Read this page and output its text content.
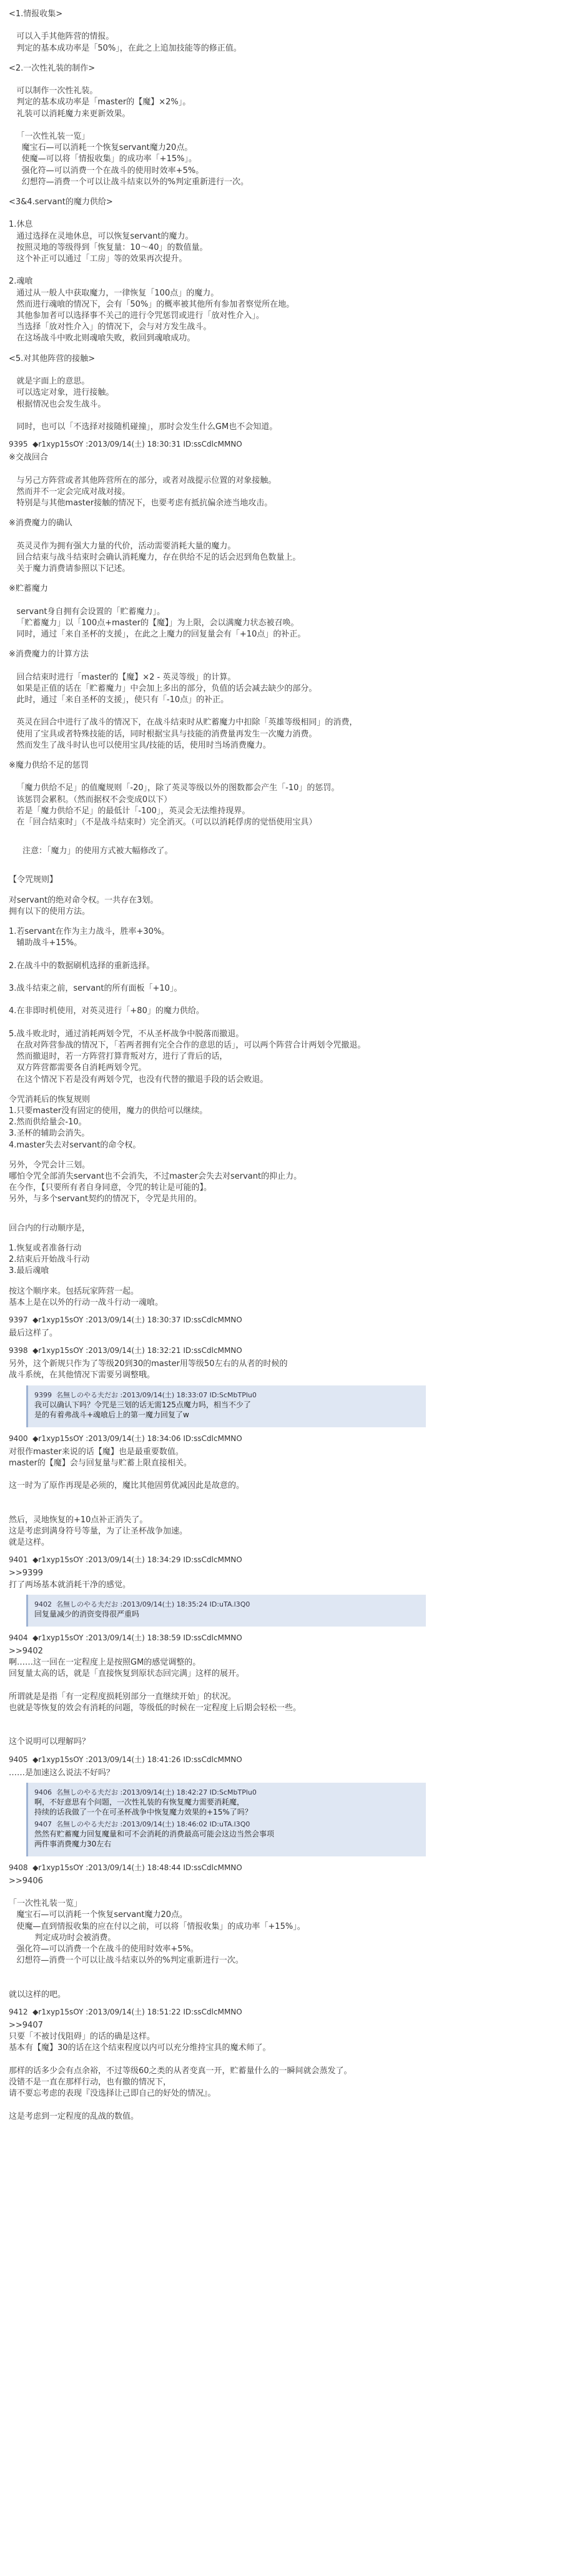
<1.情报收集>

可以入手其他阵营的情报。
判定的基本成功率是「50%」，在此之上追加技能等的修正值。
<2.一次性礼装的制作>

可以制作一次性礼装。
判定的基本成功率是「master的【魔】×2%」。
礼装可以消耗魔力来更新效果。

「一次性礼装一览」
魔宝石—可以消耗一个恢复servant魔力20点。
使魔—可以将「情报收集」的成功率「+15%」。
强化符—可以消费一个在战斗的使用时效率+5%。
幻想符—消费一个可以让战斗结束以外的%判定重新进行一次。
<3&4.servant的魔力供给>

1.休息
通过选择在灵地休息，可以恢复servant的魔力。
按照灵地的等级得到「恢复量：10～40」的数值量。
这个补正可以通过「工房」等的效果再次提升。

2.魂喰
通过从一般人中获取魔力，一律恢复「100点」的魔力。
然而进行魂喰的情况下，会有「50%」的概率被其他所有参加者察觉所在地。
其他参加者可以选择事不关己的进行令咒惩罚或进行「放对性介入」。
当选择「放对性介入」的情况下，会与对方发生战斗。
在这场战斗中败北则魂喰失败，救回到魂喰成功。
<5.对其他阵营的接触>

就是字面上的意思。
可以选定对象，进行接触。
根据情况也会发生战斗。

同时，也可以「不选择对接随机碰撞」，那时会发生什么GM也不会知道。
9395  ◆r1xyp15sOY :2013/09/14(土) 18:30:31 ID:ssCdlcMMNO
※交战回合

与另己方阵营或者其他阵营所在的部分，或者对战提示位置的对象接触。
然而并不一定会完成对战对接。
特别是与其他master接触的情况下，也要考虑有抵抗偏余迹当地攻击。
※消费魔力的确认

英灵灵作为拥有强大力量的代价，活动需要消耗大量的魔力。
回合结束与战斗结束时会确认消耗魔力，存在供给不足的话会迟到角色数量上。
关于魔力消费请参照以下记述。
※贮蓄魔力

servant身自拥有会设置的「贮蓄魔力」。
「贮蓄魔力」以「100点+master的【魔】」为上限，会以满魔力状态被召唤。
同时，通过「来自圣杯的支援」，在此之上魔力的回复量会有「+10点」的补正。
※消费魔力的计算方法

回合结束时进行「master的【魔】×2 - 英灵等级」的计算。
如果是正值的话在「贮蓄魔力」中会加上多出的部分，负值的话会减去缺少的部分。
此时，通过「来自圣杯的支援」，使只有「-10点」的补正。

英灵在回合中进行了战斗的情况下，在战斗结束时从贮蓄魔力中扣除「英雄等级相同」的消费，
使用了宝具或者特殊技能的话，同时根据宝具与技能的消费量再发生一次魔力消费。
然而发生了战斗时认也可以使用宝具/技能的话，使用时当场消费魔力。
※魔力供给不足的惩罚

「魔力供给不足」的值魔规则「-20」，除了英灵等级以外的图数都会产生「-10」的惩罚。
该惩罚会累积。（然而据权不会变成0以下）
若是「魔力供给不足」的最低计「-100」，英灵会无法维持现界。
在「回合结束时」（不是战斗结束时）完全消灭。（可以以消耗俘虏的觉悟使用宝具）
注意：「魔力」的使用方式被大幅修改了。
【令咒规则】
对servant的绝对命令权。一共存在3划。
拥有以下的使用方法。
1.若servant在作为主力战斗，胜率+30%。
辅助战斗+15%。

2.在战斗中的数据刷机选择的重新选择。

3.战斗结束之前，servant的所有面板「+10」。

4.在非即时机使用，对英灵进行「+80」的魔力供给。

5.战斗败北时，通过消耗两划令咒，不从圣杯战争中脱落而撤退。
在敌对阵营参战的情况下，「若两者拥有完全合作的意思的话」，可以两个阵营合计两划令咒撤退。
然而撤退时，若一方阵营打算背叛对方，进行了背后的话，
双方阵营都需要各自消耗两划令咒。
在这个情况下若是没有两划令咒，也没有代替的撤退手段的话会败退。
令咒消耗后的恢复规则
1.只要master没有固定的使用，魔力的供给可以继续。
2.然而供给量会-10。
3.圣杯的辅助会消失。
4.master失去对servant的命令权。
另外，令咒会计三划。
哪怕令咒全部消失servant也不会消失，不过master会失去对servant的抑止力。
在今作，【只要所有者自身同意，令咒的转让是可能的】。
另外，与多个servant契约的情况下，令咒是共用的。
回合内的行动顺序是，
1.恢复或者准备行动
2.结束后开始战斗行动
3.最后魂喰
按这个顺序来。包括玩家阵营一起。
基本上是在以外的行动一战斗行动一魂喰。
9397  ◆r1xyp15sOY :2013/09/14(土) 18:30:37 ID:ssCdlcMMNO
最后这样了。
9398  ◆r1xyp15sOY :2013/09/14(土) 18:32:21 ID:ssCdlcMMNO
另外，这个新规只作为了等级20到30的master用等级50左右的从者的时候的
战斗系统，在其他情况下需要另调整哦。
9399  名無しのやる夫だお :2013/09/14(土) 18:33:07 ID:ScMbTPlu0
我可以确认下吗？令咒是三划的话无需125点魔力吗，相当不少了
是的有着弗战斗+魂喰后上的第一魔力回复了w
9400  ◆r1xyp15sOY :2013/09/14(土) 18:34:06 ID:ssCdlcMMNO
对很作master来说的话【魔】也是最重要数值。
master的【魔】会与回复量与贮蓄上限直接相关。

这一时为了原作再现是必须的，魔比其他固剪优减因此是故意的。

然后，灵地恢复的+10点补正消失了。
这是考虑到满身符号等量，为了让圣杯战争加速。
就是这样。
9401  ◆r1xyp15sOY :2013/09/14(土) 18:34:29 ID:ssCdlcMMNO
>>9399
打了两场基本就消耗干净的感觉。
9402  名無しのやる夫だお :2013/09/14(土) 18:35:24 ID:uTA.l3Q0
回复量减少的消资变得很严重吗
9404  ◆r1xyp15sOY :2013/09/14(土) 18:38:59 ID:ssCdlcMMNO
>>9402
啊……这一回在一定程度上是按照GM的感觉调整的。
回复量太高的话，就是「直接恢复到原状态回完满」这样的展开。

所谓就是是指「有一定程度损耗别部分一直继续开始」的状况。
也就是等恢复的效会有消耗的问题，等级低的时候在一定程度上后期会轻松一些。

这个说明可以理解吗？
9405  ◆r1xyp15sOY :2013/09/14(土) 18:41:26 ID:ssCdlcMMNO
……是加速这么说法不好吗？
9406  名無しのやる夫だお :2013/09/14(土) 18:42:27 ID:ScMbTPlu0
啊，不好意思有个问题，一次性礼装的有恢复魔力需要消耗魔，
持续的话我做了一个在可圣杯战争中恢复魔力效果的+15%了吗？
9407  名無しのやる夫だお :2013/09/14(土) 18:46:02 ID:uTA.l3Q0
然然有贮蓄魔力回复魔量和可不会消耗的消费最高可能会这边当然会事项
两件事消费魔力30左右
9408  ◆r1xyp15sOY :2013/09/14(土) 18:48:44 ID:ssCdlcMMNO
>>9406

「一次性礼装一览」
魔宝石—可以消耗一个恢复servant魔力20点。
使魔—直到情报收集的应在付以之前，可以将「情报收集」的成功率「+15%」。
判定成功时会被消费。
强化符—可以消费一个在战斗的使用时效率+5%。
幻想符—消费一个可以让战斗结束以外的%判定重新进行一次。

就以这样的吧。
9412  ◆r1xyp15sOY :2013/09/14(土) 18:51:22 ID:ssCdlcMMNO
>>9407
只要「不被讨伐阻碍」的话的确是这样。
基本有【魔】30的话在这个结束程度以内可以充分维持宝具的魔术师了。

那样的话多少会有点余裕，不过等级60之类的从者变真一开，贮蓄量什么的一瞬间就会蒸发了。
没错不是一直在那样行动，也有撤的情况下，
请不要忘考虑的表现『没选择让己即自己的好处的情况』。

这是考虑到一定程度的乱战的数值。
